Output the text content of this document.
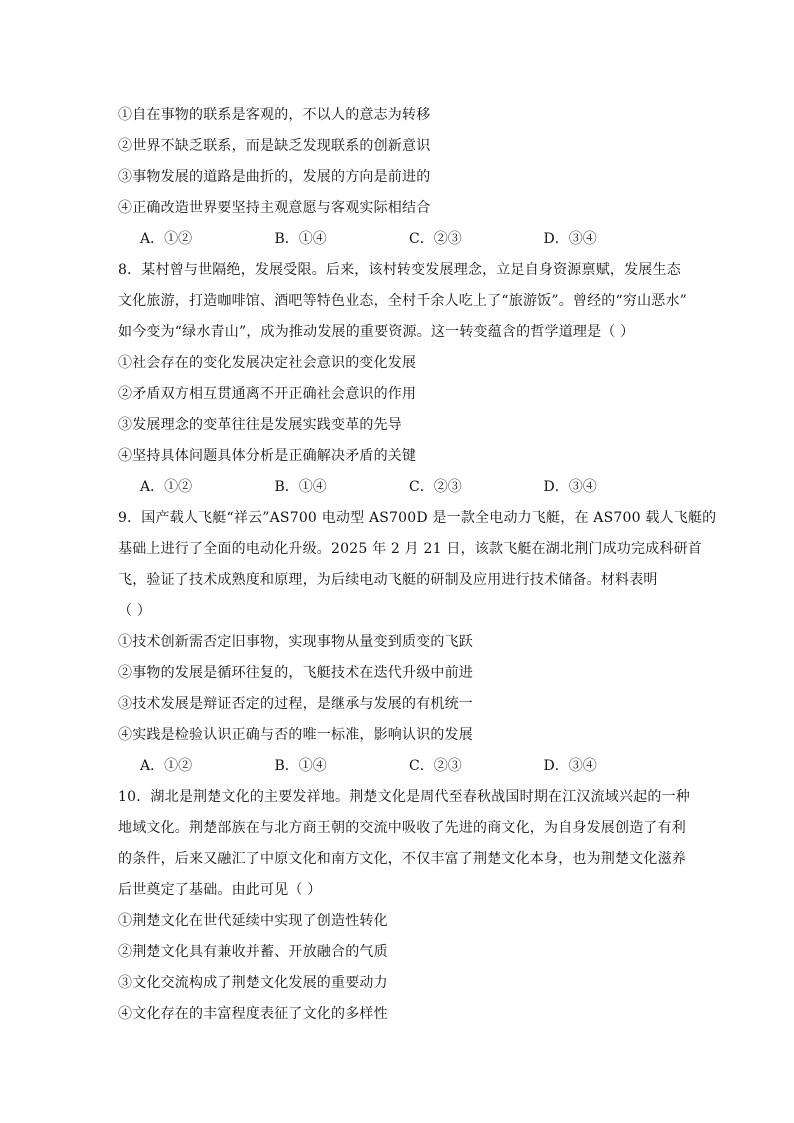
①自在事物的联系是客观的，不以人的意志为转移
②世界不缺乏联系，而是缺乏发现联系的创新意识
③事物发展的道路是曲折的，发展的方向是前进的
④正确改造世界要坚持主观意愿与客观实际相结合
A．①②	B．①④	C．②③	D．③④
8．某村曾与世隔绝，发展受限。后来，该村转变发展理念，立足自身资源禀赋，发展生态
文化旅游，打造咖啡馆、酒吧等特色业态，全村千余人吃上了“旅游饭”。曾经的“穷山恶水”
如今变为“绿水青山”，成为推动发展的重要资源。这一转变蕴含的哲学道理是（ ）
①社会存在的变化发展决定社会意识的变化发展
②矛盾双方相互贯通离不开正确社会意识的作用
③发展理念的变革往往是发展实践变革的先导
④坚持具体问题具体分析是正确解决矛盾的关键
A．①②	B．①④	C．②③	D．③④
9．国产载人飞艇“祥云”AS700 电动型 AS700D 是一款全电动力飞艇，在 AS700 载人飞艇的
基础上进行了全面的电动化升级。2025 年 2 月 21 日，该款飞艇在湖北荆门成功完成科研首
飞，验证了技术成熟度和原理，为后续电动飞艇的研制及应用进行技术储备。材料表明
（ ）
①技术创新需否定旧事物，实现事物从量变到质变的飞跃
②事物的发展是循环往复的，飞艇技术在迭代升级中前进
③技术发展是辩证否定的过程，是继承与发展的有机统一
④实践是检验认识正确与否的唯一标准，影响认识的发展
A．①②	B．①④	C．②③	D．③④
10．湖北是荆楚文化的主要发祥地。荆楚文化是周代至春秋战国时期在江汉流域兴起的一种
地域文化。荆楚部族在与北方商王朝的交流中吸收了先进的商文化，为自身发展创造了有利
的条件，后来又融汇了中原文化和南方文化，不仅丰富了荆楚文化本身，也为荆楚文化滋养
后世奠定了基础。由此可见（ ）
①荆楚文化在世代延续中实现了创造性转化
②荆楚文化具有兼收并蓄、开放融合的气质
③文化交流构成了荆楚文化发展的重要动力
④文化存在的丰富程度表征了文化的多样性
